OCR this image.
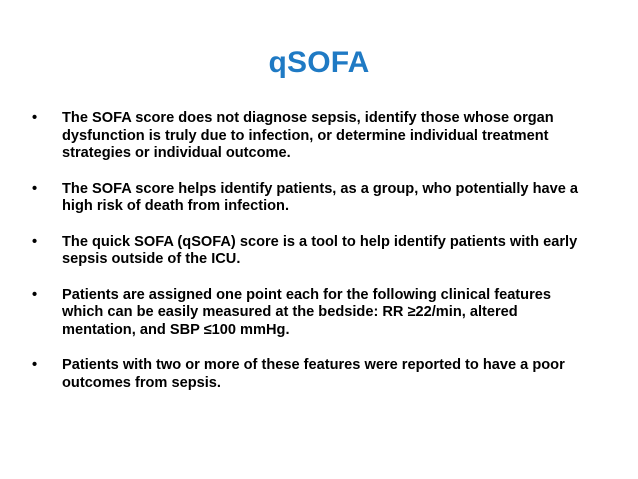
qSOFA
•	The SOFA score does not diagnose sepsis, identify those whose organ dysfunction is truly due to infection, or determine individual treatment strategies or individual outcome.
•	The SOFA score helps identify patients, as a group, who potentially have a high risk of death from infection.
•	The quick SOFA (qSOFA) score is a tool to help identify patients with early sepsis outside of the ICU.
•	Patients are assigned one point each for the following clinical features which can be easily measured at the bedside: RR ≥22/min, altered mentation, and SBP ≤100 mmHg.
•	Patients with two or more of these features were reported to have a poor outcomes from sepsis.
